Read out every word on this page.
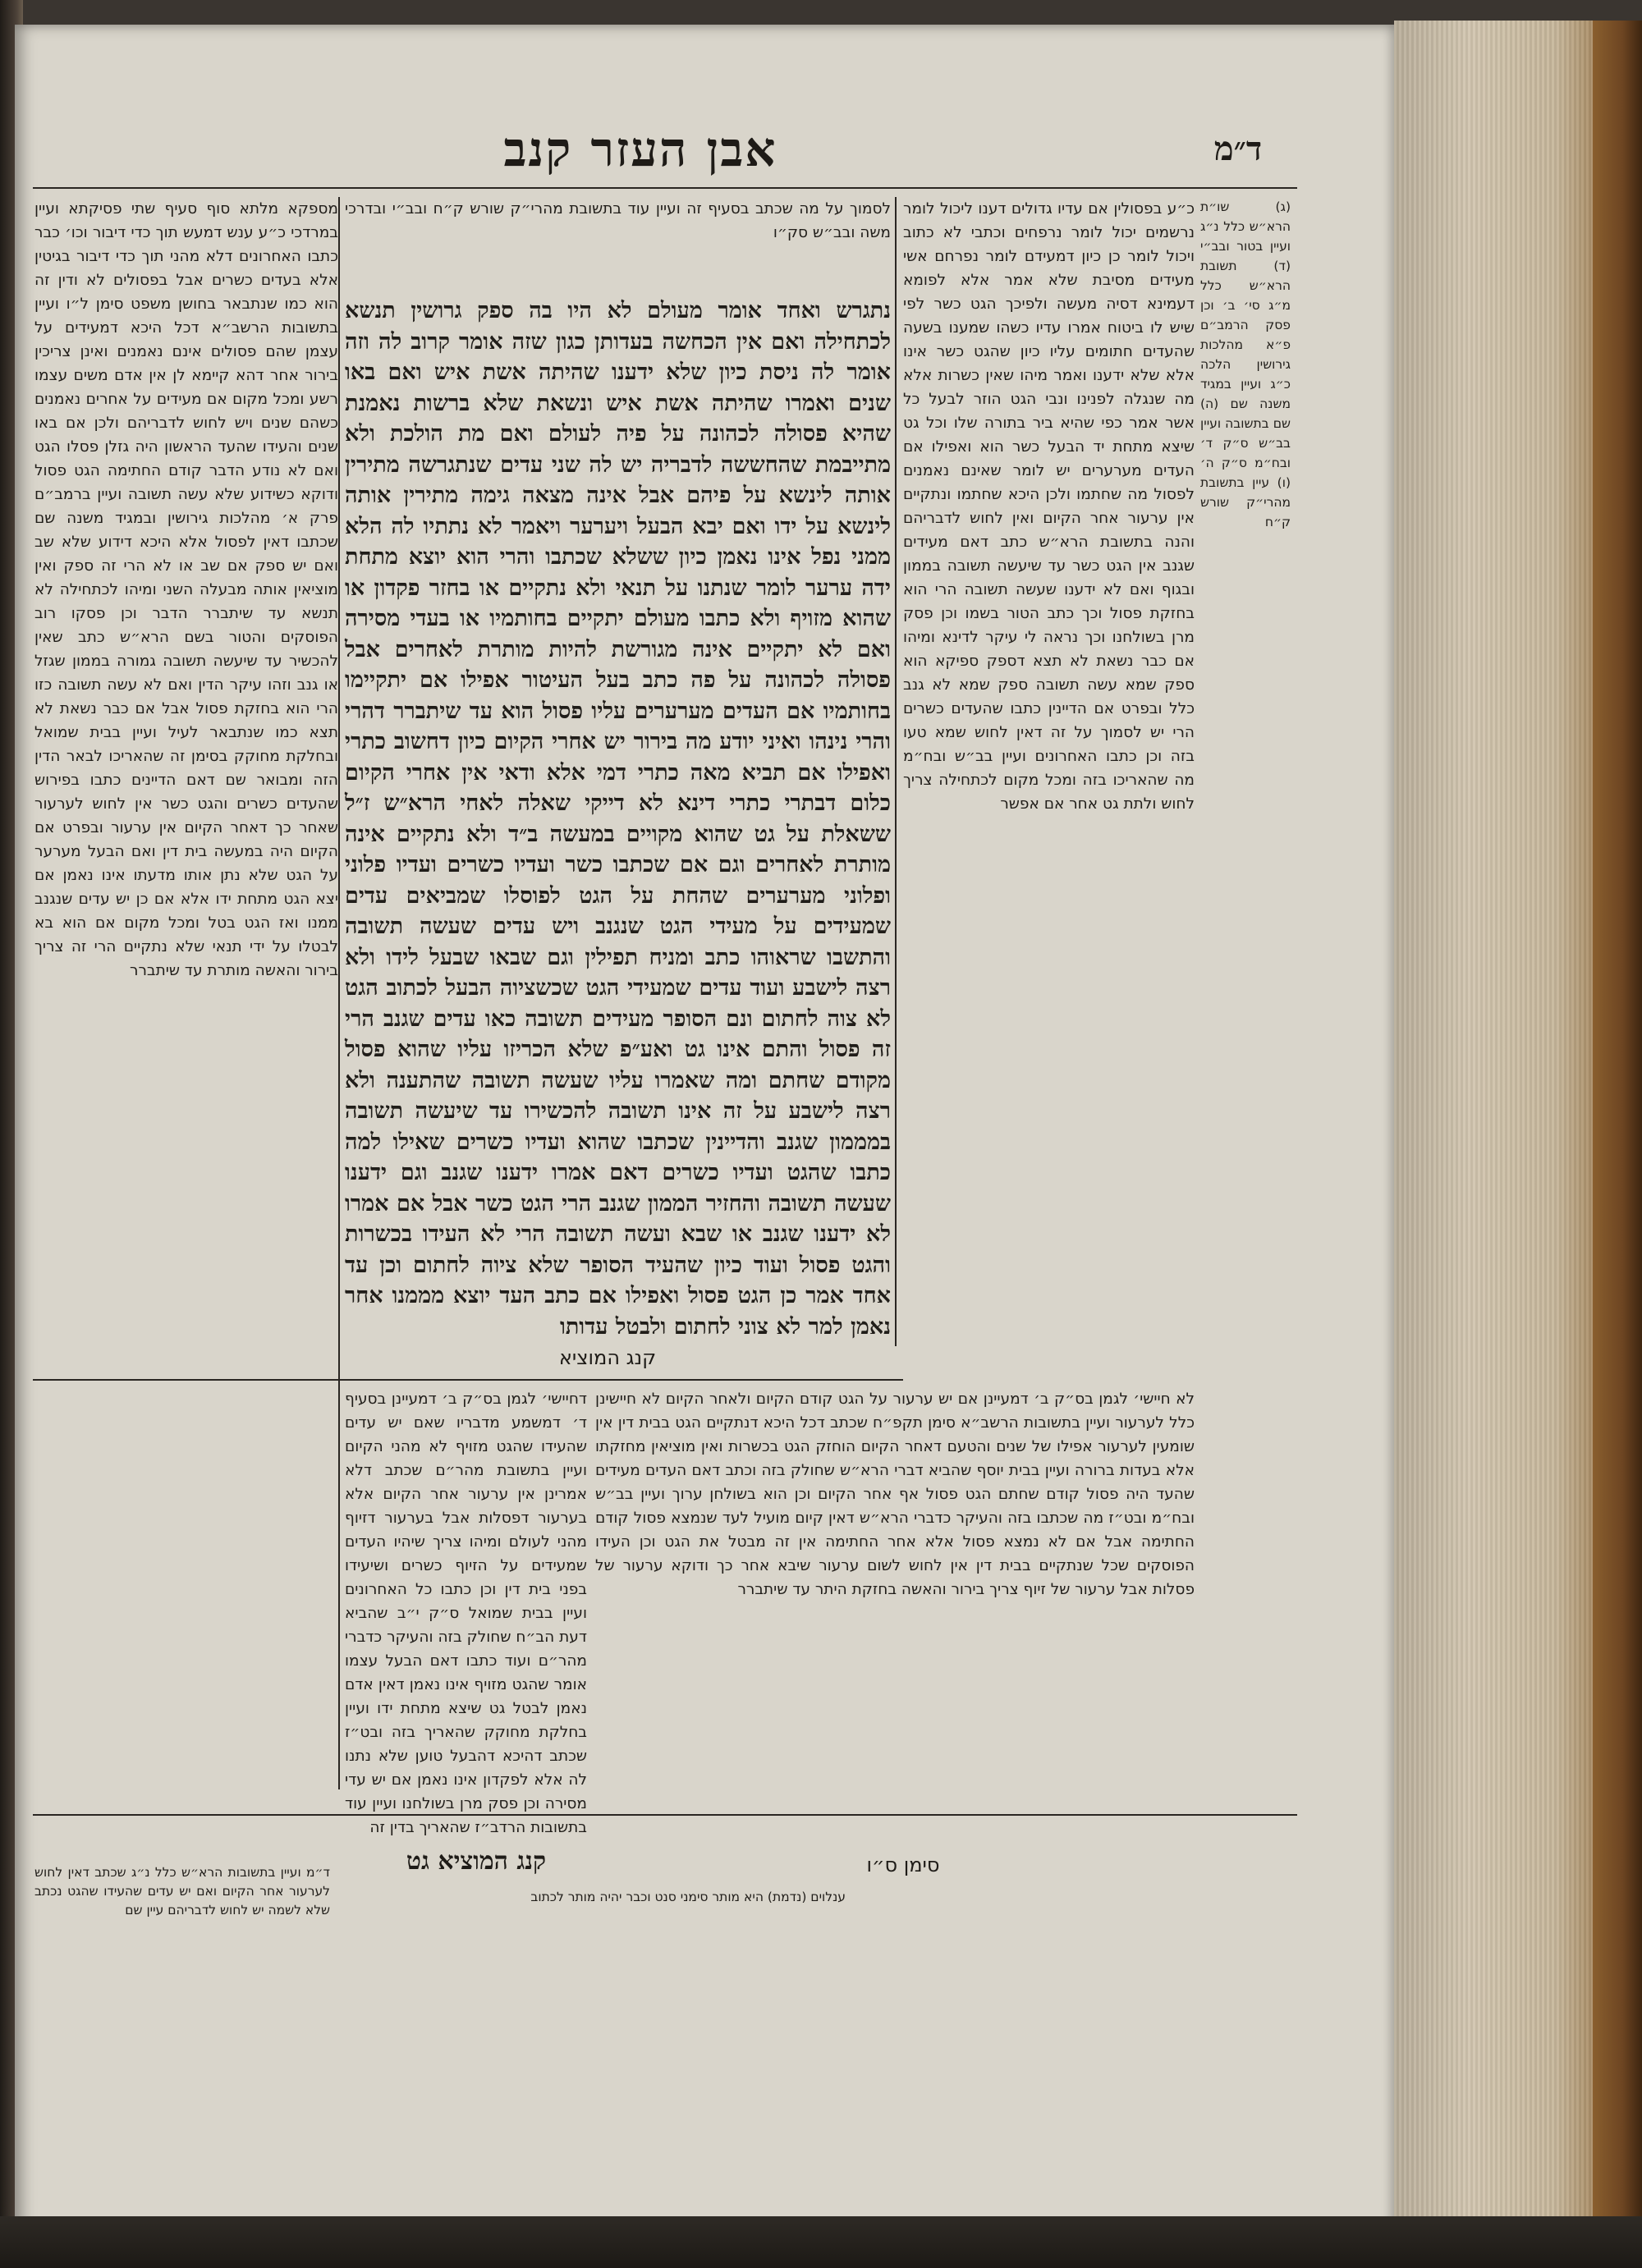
אבן העזר קנב	ד״מ

כ״ע בפסולין אם עדיו גדולים דענו ליכול לומר נרשמים יכול לומר נרפחים וכתבי לא כתוב ויכול לומר כן כיון דמעידם לומר נפרחם אשי מעידים מסיבת שלא אמר אלא לפומא דעמינא דסיה מעשה ולפיכך הגט כשר לפי שיש לו ביטוח אמרו עדיו כשהו שמענו בשעה שהעדים חתומים עליו כיון שהגט כשר אינו אלא שלא ידענו ואמר מיהו שאין כשרות אלא מה שנגלה לפנינו ונבי הגט הוזר לבעל כל אשר אמר כפי שהיא ביר בתורה שלו וכל גט שיצא מתחת יד הבעל כשר הוא ואפילו אם העדים מערערים יש לומר שאינם נאמנים לפסול מה שחתמו ולכן היכא שחתמו ונתקיים אין ערעור אחר הקיום ואין לחוש לדבריהם והנה בתשובת הרא״ש כתב דאם מעידים שגנב אין הגט כשר עד שיעשה תשובה בממון ובגוף ואם לא ידענו שעשה תשובה הרי הוא בחזקת פסול וכך כתב הטור בשמו וכן פסק מרן בשולחנו וכך נראה לי עיקר לדינא ומיהו אם כבר נשאת לא תצא דספק ספיקא הוא ספק שמא עשה תשובה ספק שמא לא גנב כלל ובפרט אם הדיינין כתבו שהעדים כשרים הרי יש לסמוך על זה דאין לחוש שמא טעו בזה וכן כתבו האחרונים ועיין בב״ש ובח״מ מה שהאריכו בזה ומכל מקום לכתחילה צריך לחוש ולתת גט אחר אם אפשר

(ג) שו״ת הרא״ש כלל נ״ג ועיין בטור ובב״י (ד) תשובת הרא״ש כלל מ״ג סי׳ ב׳ וכן פסק הרמב״ם פ״א מהלכות גירושין הלכה כ״ג ועיין במגיד משנה שם (ה) שם בתשובה ועיין בב״ש ס״ק ד׳ ובח״מ ס״ק ה׳ (ו) עיין בתשובת מהרי״ק שורש ק״ח

מספקא מלתא סוף סעיף שתי פסיקתא ועיין במרדכי כ״ע ענש דמעש תוך כדי דיבור וכו׳ כבר כתבו האחרונים דלא מהני תוך כדי דיבור בגיטין אלא בעדים כשרים אבל בפסולים לא ודין זה הוא כמו שנתבאר בחושן משפט סימן ל״ו ועיין בתשובות הרשב״א דכל היכא דמעידים על עצמן שהם פסולים אינם נאמנים ואינן צריכין בירור אחר דהא קיימא לן אין אדם משים עצמו רשע ומכל מקום אם מעידים על אחרים נאמנים כשהם שנים ויש לחוש לדבריהם ולכן אם באו שנים והעידו שהעד הראשון היה גזלן פסלו הגט ואם לא נודע הדבר קודם החתימה הגט פסול ודוקא כשידוע שלא עשה תשובה ועיין ברמב״ם פרק א׳ מהלכות גירושין ובמגיד משנה שם שכתבו דאין לפסול אלא היכא דידוע שלא שב ואם יש ספק אם שב או לא הרי זה ספק ואין מוציאין אותה מבעלה השני ומיהו לכתחילה לא תנשא עד שיתברר הדבר וכן פסקו רוב הפוסקים והטור בשם הרא״ש כתב שאין להכשיר עד שיעשה תשובה גמורה בממון שגזל או גנב וזהו עיקר הדין ואם לא עשה תשובה כזו הרי הוא בחזקת פסול אבל אם כבר נשאת לא תצא כמו שנתבאר לעיל ועיין בבית שמואל ובחלקת מחוקק בסימן זה שהאריכו לבאר הדין הזה ומבואר שם דאם הדיינים כתבו בפירוש שהעדים כשרים והגט כשר אין לחוש לערעור שאחר כך דאחר הקיום אין ערעור ובפרט אם הקיום היה במעשה בית דין ואם הבעל מערער על הגט שלא נתן אותו מדעתו אינו נאמן אם יצא הגט מתחת ידו אלא אם כן יש עדים שנגנב ממנו ואז הגט בטל ומכל מקום אם הוא בא לבטלו על ידי תנאי שלא נתקיים הרי זה צריך בירור והאשה מותרת עד שיתברר

לסמוך על מה שכתב בסעיף זה ועיין עוד בתשובת מהרי״ק שורש ק״ח ובב״י ובדרכי משה ובב״ש סק״ו

נתגרש ואחד אומר מעולם לא היו בה ספק גרושין תנשא לכתחילה ואם אין הכחשה בעדותן כגון שזה אומר קרוב לה וזה אומר לה ניסת כיון שלא ידענו שהיתה אשת איש ואם באו שנים ואמרו שהיתה אשת איש ונשאת שלא ברשות נאמנת שהיא פסולה לכהונה על פיה לעולם ואם מת הולכת ולא מתייבמת שהחששה לדבריה יש לה שני עדים שנתגרשה מתירין אותה לינשא על פיהם אבל אינה מצאה גימה מתירין אותה לינשא על ידו ואם יבא הבעל ויערער ויאמר לא נתתיו לה הלא ממני נפל אינו נאמן כיון ששלא שכתבו והרי הוא יוצא מתחת ידה ערער לומר שנתנו על תנאי ולא נתקיים או בחזר פקדון או שהוא מזויף ולא כתבו מעולם יתקיים בחותמיו או בעדי מסירה ואם לא יתקיים אינה מגורשת להיות מותרת לאחרים אבל פסולה לכהונה על פה כתב בעל העיטור אפילו אם יתקיימו בחותמיו אם העדים מערערים עליו פסול הוא עד שיתברר דהרי והרי נינהו ואיני יודע מה בירור יש אחרי הקיום כיון דחשוב כתרי ואפילו אם תביא מאה כתרי דמי אלא ודאי אין אחרי הקיום כלום דבתרי כתרי דינא לא דייקי שאלה לאחי הרא״ש ז״ל ששאלת על גט שהוא מקויים במעשה ב״ד ולא נתקיים אינה מותרת לאחרים וגם אם שכתבו כשר ועדיו כשרים ועדיו פלוני ופלוני מערערים שהחת על הגט לפוסלו שמביאים עדים שמעידים על מעידי הגט שנגנב ויש עדים שעשה תשובה והתשבו שראוהו כתב ומניח תפילין וגם שבאו שבעל לידו ולא רצה לישבע ועוד עדים שמעידי הגט שכשציוה הבעל לכתוב הגט לא צוה לחתום ונם הסופר מעידים תשובה כאו עדים שגנב הרי זה פסול והתם אינו גט ואע״פ שלא הכריזו עליו שהוא פסול מקודם שחתם ומה שאמרו עליו שעשה תשובה שהתענה ולא רצה לישבע על זה אינו תשובה להכשירו עד שיעשה תשובה במממון שגנב והדיינין שכתבו שהוא ועדיו כשרים שאילו למה כתבו שהגט ועדיו כשרים דאם אמרו ידענו שגנב וגם ידענו שעשה תשובה והחזיר הממון שגנב הרי הגט כשר אבל אם אמרו לא ידענו שגנב או שבא ועשה תשובה הרי לא העידו בכשרות והגט פסול ועוד כיון שהעיד הסופר שלא ציוה לחתום וכן עד אחד אמר כן הגט פסול ואפילו אם כתב העד יוצא מממנו אחר נאמן למר לא צוני לחתום ולבטל עדותו

קנג המוציא

לא חיישי׳ לגמן בס״ק ב׳ דמעיינן אם יש ערעור על הגט קודם הקיום ולאחר הקיום לא חיישינן כלל לערעור ועיין בתשובות הרשב״א סימן תקפ״ח שכתב דכל היכא דנתקיים הגט בבית דין אין שומעין לערעור אפילו של שנים והטעם דאחר הקיום הוחזק הגט בכשרות ואין מוציאין מחזקתו אלא בעדות ברורה ועיין בבית יוסף שהביא דברי הרא״ש שחולק בזה וכתב דאם העדים מעידים שהעד היה פסול קודם שחתם הגט פסול אף אחר הקיום וכן הוא בשולחן ערוך ועיין בב״ש ובח״מ ובט״ז מה שכתבו בזה והעיקר כדברי הרא״ש דאין קיום מועיל לעד שנמצא פסול קודם החתימה אבל אם לא נמצא פסול אלא אחר החתימה אין זה מבטל את הגט וכן העידו הפוסקים שכל שנתקיים בבית דין אין לחוש לשום ערעור שיבא אחר כך ודוקא ערעור של פסלות אבל ערעור של זיוף צריך בירור והאשה בחזקת היתר עד שיתברר

דחיישי׳ לגמן בס״ק ב׳ דמעיינן בסעיף ד׳ דמשמע מדבריו שאם יש עדים שהעידו שהגט מזויף לא מהני הקיום ועיין בתשובת מהר״ם שכתב דלא אמרינן אין ערעור אחר הקיום אלא בערעור דפסלות אבל בערעור דזיוף מהני לעולם ומיהו צריך שיהיו העדים שמעידים על הזיוף כשרים ושיעידו בפני בית דין וכן כתבו כל האחרונים ועיין בבית שמואל ס״ק י״ב שהביא דעת הב״ח שחולק בזה והעיקר כדברי מהר״ם ועוד כתבו דאם הבעל עצמו אומר שהגט מזויף אינו נאמן דאין אדם נאמן לבטל גט שיצא מתחת ידו ועיין בחלקת מחוקק שהאריך בזה ובט״ז שכתב דהיכא דהבעל טוען שלא נתנו לה אלא לפקדון אינו נאמן אם יש עדי מסירה וכן פסק מרן בשולחנו ועיין עוד בתשובות הרדב״ז שהאריך בדין זה

קנג המוציא גט	סימן ס״ו

ד״מ ועיין בתשובות הרא״ש כלל נ״ג שכתב דאין לחוש לערעור אחר הקיום ואם יש עדים שהעידו שהגט נכתב שלא לשמה יש לחוש לדבריהם עיין שם

ענלוים (נדמת) היא מותר סימני סנט וכבר יהיה מותר לכתוב
